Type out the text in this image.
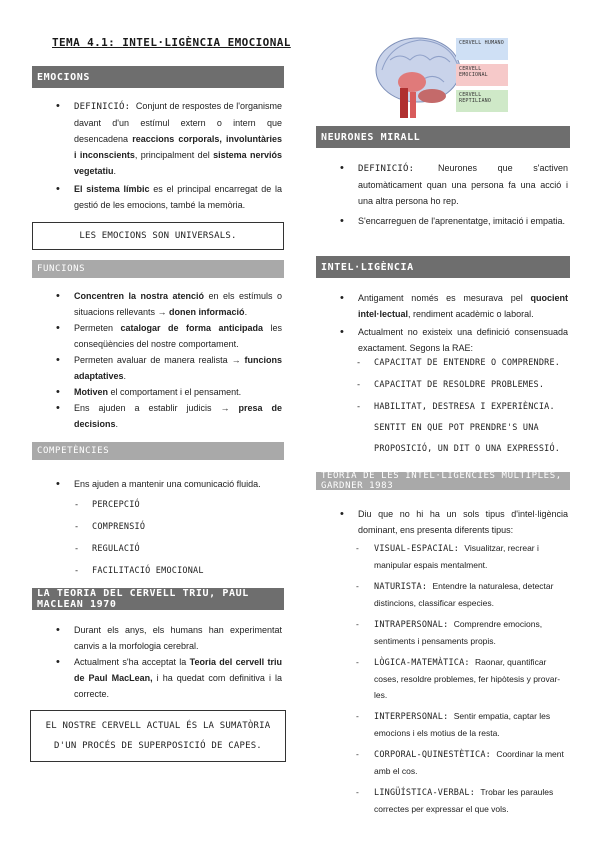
TEMA 4.1: INTEL·LIGÈNCIA EMOCIONAL
EMOCIONS
• DEFINICIÓ: Conjunt de respostes de l'organisme davant d'un estímul extern o intern que desencadena reaccions corporals, involuntàries i inconscients, principalment del sistema nerviós vegetatiu.
• El sistema límbic es el principal encarregat de la gestió de les emocions, també la memòria.
LES EMOCIONS SON UNIVERSALS.
FUNCIONS
• Concentren la nostra atenció en els estímuls o situacions rellevants → donen informació.
• Permeten catalogar de forma anticipada les conseqüències del nostre comportament.
• Permeten avaluar de manera realista → funcions adaptatives.
• Motiven el comportament i el pensament.
• Ens ajuden a establir judicis → presa de decisions.
COMPETÈNCIES
• Ens ajuden a mantenir una comunicació fluida.
- PERCEPCIÓ
- COMPRENSIÓ
- REGULACIÓ
- FACILITACIÓ EMOCIONAL
LA TEORIA DEL CERVELL TRIU, PAUL MACLEAN 1970
• Durant els anys, els humans han experimentat canvis a la morfologia cerebral.
• Actualment s'ha acceptat la Teoria del cervell triu de Paul MacLean, i ha quedat com definitiva i la correcte.
EL NOSTRE CERVELL ACTUAL ÉS LA SUMATÒRIA D'UN PROCÉS DE SUPERPOSICIÓ DE CAPES.
CERVELL HUMANO
CERVELL EMOCIONAL
CERVELL REPTILIANO
NEURONES MIRALL
• DEFINICIÓ: Neurones que s'activen automàticament quan una persona fa una acció i una altra persona ho rep.
• S'encarreguen de l'aprenentatge, imitació i empatia.
INTEL·LIGÈNCIA
• Antigament només es mesurava pel quocient intel·lectual, rendiment acadèmic o laboral.
• Actualment no existeix una definició consensuada exactament. Segons la RAE:
- CAPACITAT DE ENTENDRE O COMPRENDRE.
- CAPACITAT DE RESOLDRE PROBLEMES.
- HABILITAT, DESTRESA I EXPERIÈNCIA.
SENTIT EN QUE POT PRENDRE'S UNA PROPOSICIÓ, UN DIT O UNA EXPRESSIÓ.
TEORIA DE LES INTEL·LIGÈNCIES MÚLTIPLES, GARDNER 1983
• Diu que no hi ha un sols tipus d'intel·ligència dominant, ens presenta diferents tipus:
- VISUAL-ESPACIAL: Visualitzar, recrear i manipular espais mentalment.
- NATURISTA: Entendre la naturalesa, detectar distincions, classificar especies.
- INTRAPERSONAL: Comprendre emocions, sentiments i pensaments propis.
- LÒGICA-MATEMÀTICA: Raonar, quantificar coses, resoldre problemes, fer hipòtesis y provar-les.
- INTERPERSONAL: Sentir empatia, captar les emocions i els motius de la resta.
- CORPORAL-QUINESTÈTICA: Coordinar la ment amb el cos.
- LINGÜÍSTICA-VERBAL: Trobar les paraules correctes per expressar el que vols.
